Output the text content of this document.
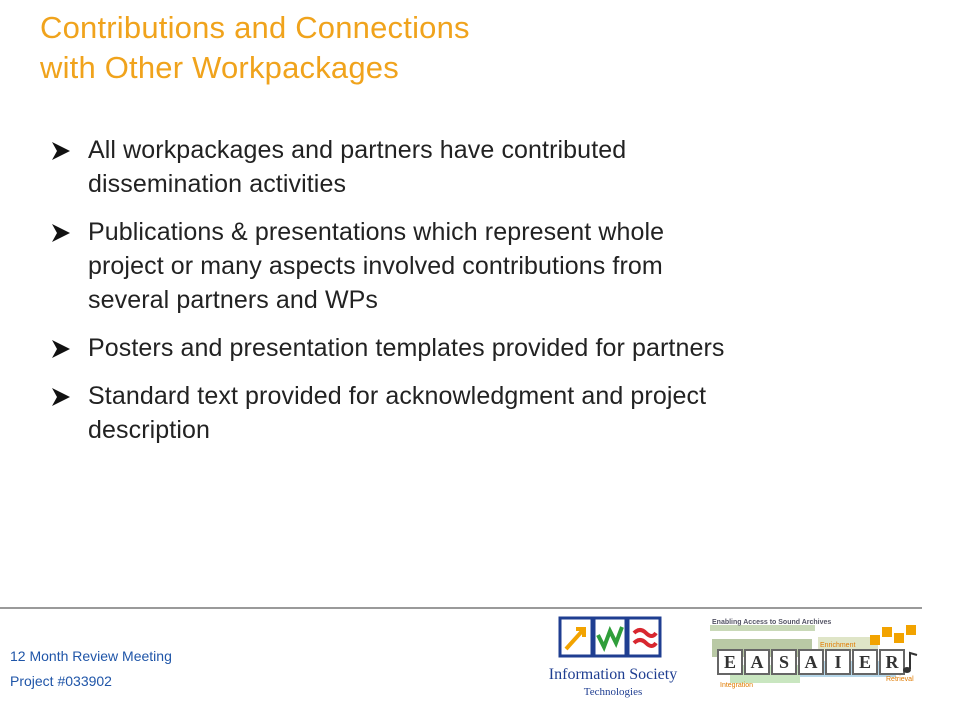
Contributions and Connections
with Other Workpackages
All workpackages and partners have contributed
dissemination activities
Publications & presentations which represent whole
project or many aspects involved contributions from
several partners and WPs
Posters and presentation templates provided for partners
Standard text provided for acknowledgment and project
description
12 Month Review Meeting
Project #033902	Information Society
Technologies
Enabling Access to Sound Archives
Enrichment
Integration
Retrieval
E A S A I E R
